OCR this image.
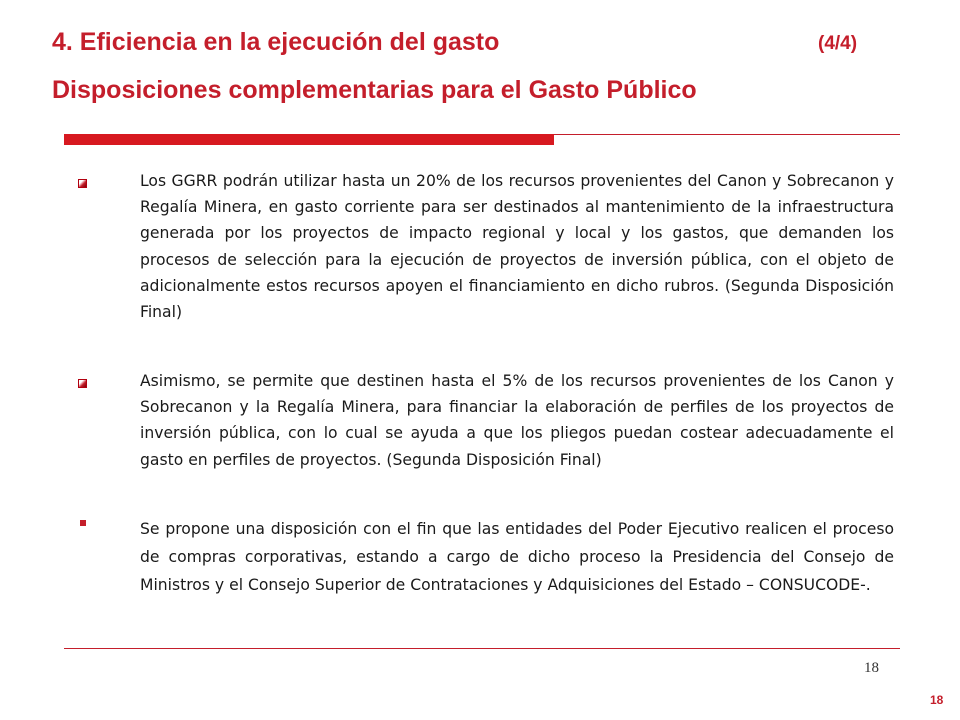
4. Eficiencia en la ejecución del gasto	(4/4)
Disposiciones complementarias para el Gasto Público
Los GGRR podrán utilizar hasta un 20% de los recursos provenientes del Canon y Sobrecanon y Regalía Minera, en gasto corriente para ser destinados al mantenimiento de la infraestructura generada por los proyectos de impacto regional y local y los gastos, que demanden los procesos de selección para la ejecución de proyectos de inversión pública, con el objeto de adicionalmente estos recursos apoyen el financiamiento en dicho rubros. (Segunda Disposición Final)
Asimismo, se permite que destinen hasta el 5% de los recursos provenientes de los Canon y Sobrecanon y la Regalía Minera, para financiar la elaboración de perfiles de los proyectos de inversión pública, con lo cual se ayuda a que los pliegos puedan costear adecuadamente el gasto en perfiles de proyectos. (Segunda Disposición Final)
Se propone una disposición con el fin que las entidades del Poder Ejecutivo realicen el proceso de compras corporativas, estando a cargo de dicho proceso la Presidencia del Consejo de Ministros y el Consejo Superior de Contrataciones y Adquisiciones del Estado – CONSUCODE-.
18
18
